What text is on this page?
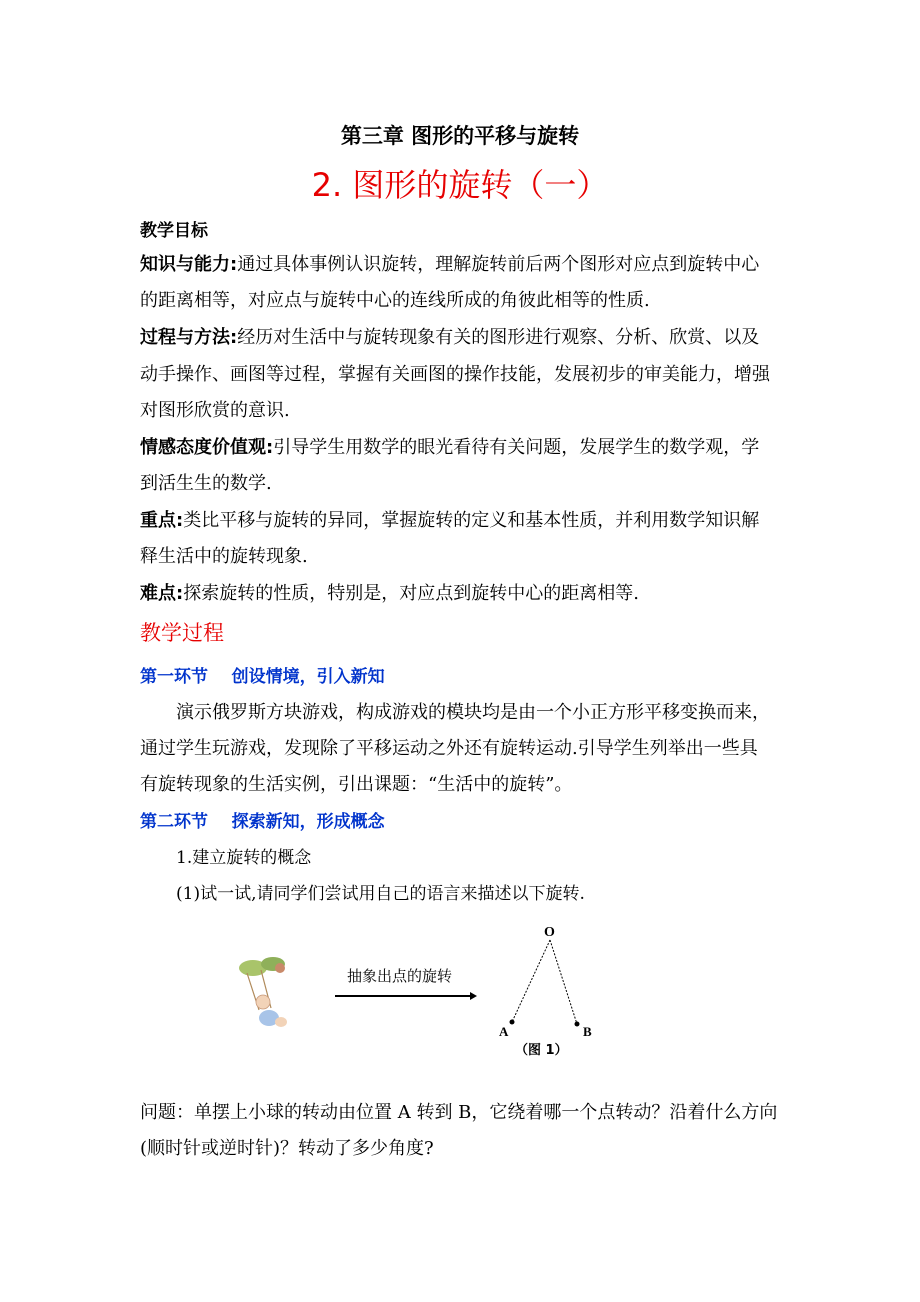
第三章 图形的平移与旋转
2. 图形的旋转（一）
教学目标
知识与能力:通过具体事例认识旋转，理解旋转前后两个图形对应点到旋转中心
的距离相等，对应点与旋转中心的连线所成的角彼此相等的性质.
过程与方法:经历对生活中与旋转现象有关的图形进行观察、分析、欣赏、以及
动手操作、画图等过程，掌握有关画图的操作技能，发展初步的审美能力，增强
对图形欣赏的意识.
情感态度价值观:引导学生用数学的眼光看待有关问题，发展学生的数学观，学
到活生生的数学.
重点:类比平移与旋转的异同，掌握旋转的定义和基本性质，并利用数学知识解
释生活中的旋转现象.
难点:探索旋转的性质，特别是，对应点到旋转中心的距离相等.
教学过程
第一环节    创设情境，引入新知
演示俄罗斯方块游戏，构成游戏的模块均是由一个小正方形平移变换而来，
通过学生玩游戏，发现除了平移运动之外还有旋转运动.引导学生列举出一些具
有旋转现象的生活实例，引出课题：“生活中的旋转”。
第二环节    探索新知，形成概念
1.建立旋转的概念
(1)试一试,请同学们尝试用自己的语言来描述以下旋转.
抽象出点的旋转
O
A	B
（图 1）
问题：单摆上小球的转动由位置 A 转到 B，它绕着哪一个点转动？沿着什么方向
(顺时针或逆时针)？转动了多少角度?
